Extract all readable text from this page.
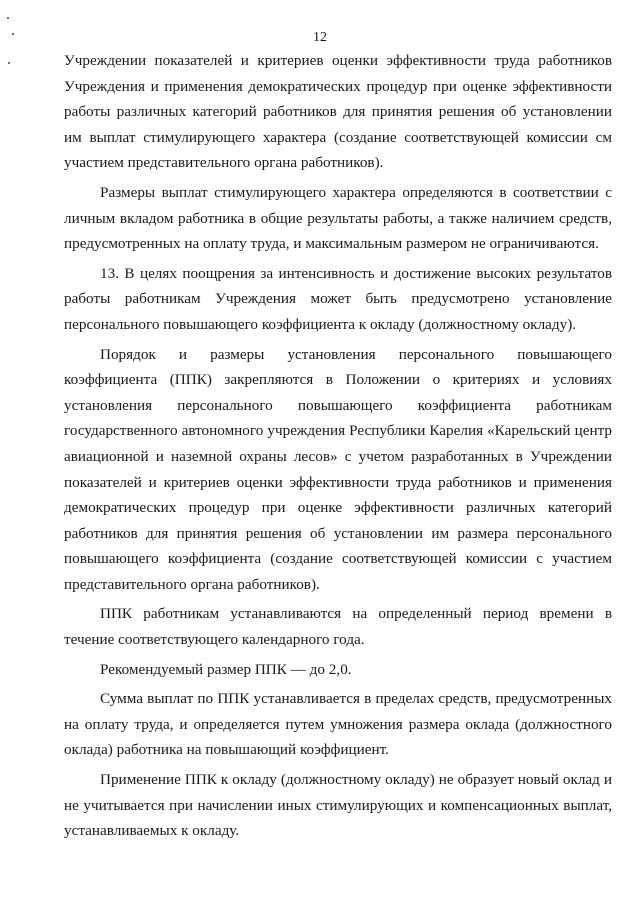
12

Учреждении показателей и критериев оценки эффективности труда работников Учреждения и применения демократических процедур при оценке эффективности работы различных категорий работников для принятия решения об установлении им выплат стимулирующего характера (создание соответствующей комиссии см участием представительного органа работников).

Размеры выплат стимулирующего характера определяются в соответствии с личным вкладом работника в общие результаты работы, а также наличием средств, предусмотренных на оплату труда, и максимальным размером не ограничиваются.

13. В целях поощрения за интенсивность и достижение высоких результатов работы работникам Учреждения может быть предусмотрено установление персонального повышающего коэффициента к окладу (должностному окладу).

Порядок и размеры установления персонального повышающего коэффициента (ППК) закрепляются в Положении о критериях и условиях установления персонального повышающего коэффициента работникам государственного автономного учреждения Республики Карелия «Карельский центр авиационной и наземной охраны лесов» с учетом разработанных в Учреждении показателей и критериев оценки эффективности труда работников и применения демократических процедур при оценке эффективности различных категорий работников для принятия решения об установлении им размера персонального повышающего коэффициента (создание соответствующей комиссии с участием представительного органа работников).

ППК работникам устанавливаются на определенный период времени в течение соответствующего календарного года.

Рекомендуемый размер ППК — до 2,0.

Сумма выплат по ППК устанавливается в пределах средств, предусмотренных на оплату труда, и определяется путем умножения размера оклада (должностного оклада) работника на повышающий коэффициент.

Применение ППК к окладу (должностному окладу) не образует новый оклад и не учитывается при начислении иных стимулирующих и компенсационных выплат, устанавливаемых к окладу.
